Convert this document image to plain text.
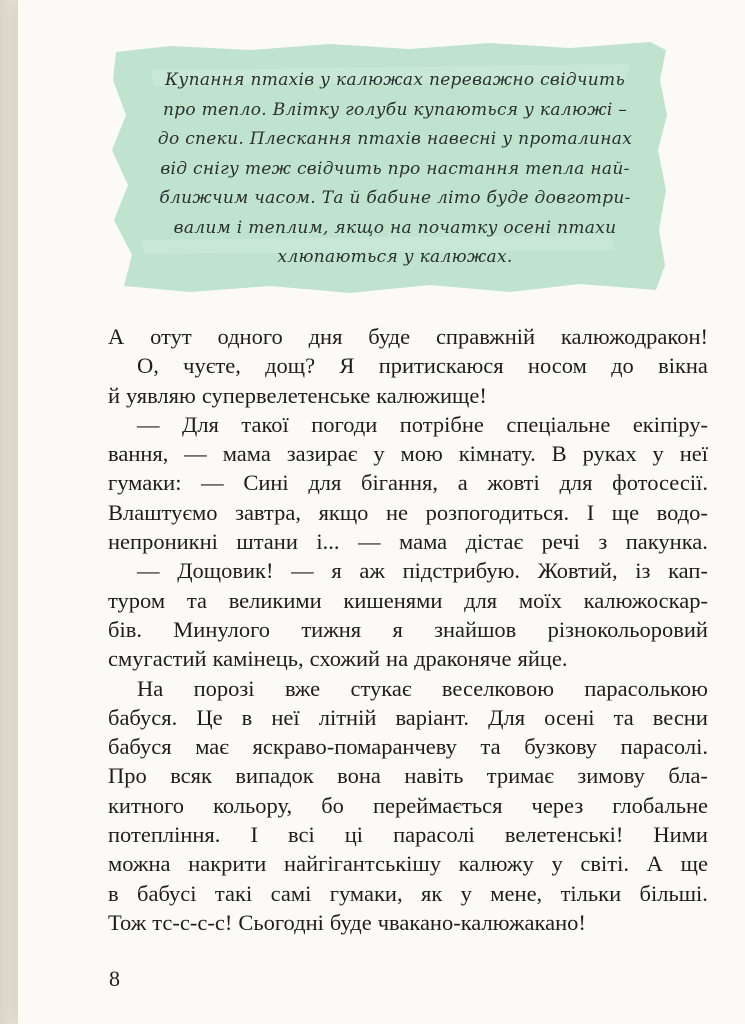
Купання птахів у калюжах переважно свідчить
про тепло. Влітку голуби купаються у калюжі –
до спеки. Плескання птахів навесні у проталинах
від снігу теж свідчить про настання тепла най-
ближчим часом. Та й бабине літо буде довготри-
валим і теплим, якщо на початку осені птахи
хлюпаються у калюжах.
А отут одного дня буде справжній калюжодракон!
О, чуєте, дощ? Я притискаюся носом до вікна
й уявляю супервелетенське калюжище!
— Для такої погоди потрібне спеціальне екіпіру-
вання, — мама зазирає у мою кімнату. В руках у неї
гумаки: — Сині для бігання, а жовті для фотосесії.
Влаштуємо завтра, якщо не розпогодиться. І ще водо-
непроникні штани і... — мама дістає речі з пакунка.
— Дощовик! — я аж підстрибую. Жовтий, із кап-
туром та великими кишенями для моїх калюжоскар-
бів. Минулого тижня я знайшов різнокольоровий
смугастий камінець, схожий на драконяче яйце.
На порозі вже стукає веселковою парасолькою
бабуся. Це в неї літній варіант. Для осені та весни
бабуся має яскраво-помаранчеву та бузкову парасолі.
Про всяк випадок вона навіть тримає зимову бла-
китного кольору, бо переймається через глобальне
потепління. І всі ці парасолі велетенські! Ними
можна накрити найгігантськішу калюжу у світі. А ще
в бабусі такі самі гумаки, як у мене, тільки більші.
Тож тс-с-с-с! Сьогодні буде чвакано-калюжакано!
8
